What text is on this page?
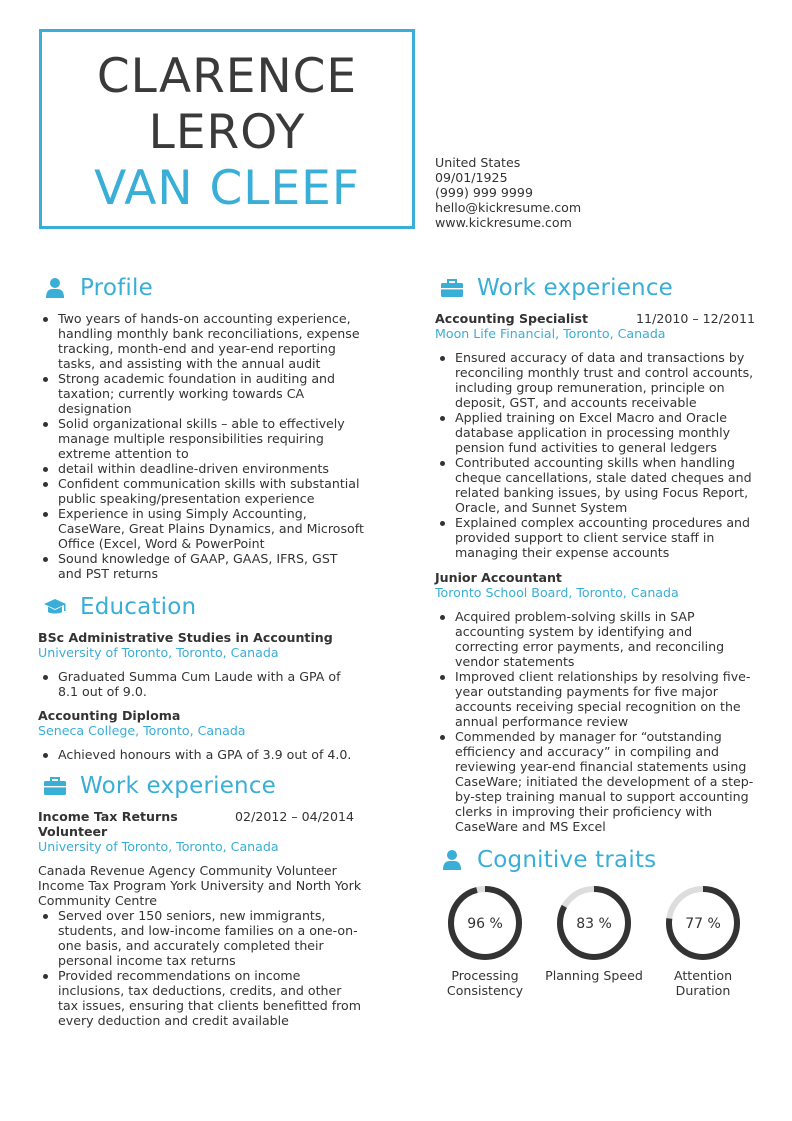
CLARENCE
LEROY
VAN CLEEF	United States
09/01/1925
(999) 999 9999
hello@kickresume.com
www.kickresume.com
Profile
Two years of hands-on accounting experience, handling monthly bank reconciliations, expense tracking, month-end and year-end reporting tasks, and assisting with the annual audit
Strong academic foundation in auditing and taxation; currently working towards CA designation
Solid organizational skills – able to effectively manage multiple responsibilities requiring extreme attention to
detail within deadline-driven environments
Confident communication skills with substantial public speaking/presentation experience
Experience in using Simply Accounting, CaseWare, Great Plains Dynamics, and Microsoft Office (Excel, Word & PowerPoint
Sound knowledge of GAAP, GAAS, IFRS, GST and PST returns
Education
BSc Administrative Studies in Accounting
University of Toronto, Toronto, Canada
Graduated Summa Cum Laude with a GPA of 8.1 out of 9.0.
Accounting Diploma
Seneca College, Toronto, Canada
Achieved honours with a GPA of 3.9 out of 4.0.
Work experience
Income Tax Returns
Volunteer
02/2012 – 04/2014
University of Toronto, Toronto, Canada
Canada Revenue Agency Community Volunteer Income Tax Program York University and North York Community Centre
Served over 150 seniors, new immigrants, students, and low-income families on a one-on-one basis, and accurately completed their personal income tax returns
Provided recommendations on income inclusions, tax deductions, credits, and other tax issues, ensuring that clients benefitted from every deduction and credit available
Work experience
Accounting Specialist	11/2010 – 12/2011
Moon Life Financial, Toronto, Canada
Ensured accuracy of data and transactions by reconciling monthly trust and control accounts, including group remuneration, principle on deposit, GST, and accounts receivable
Applied training on Excel Macro and Oracle database application in processing monthly pension fund activities to general ledgers
Contributed accounting skills when handling cheque cancellations, stale dated cheques and related banking issues, by using Focus Report, Oracle, and Sunnet System
Explained complex accounting procedures and provided support to client service staff in managing their expense accounts
Junior Accountant
Toronto School Board, Toronto, Canada
Acquired problem-solving skills in SAP accounting system by identifying and correcting error payments, and reconciling vendor statements
Improved client relationships by resolving five-year outstanding payments for five major accounts receiving special recognition on the annual performance review
Commended by manager for “outstanding efficiency and accuracy” in compiling and reviewing year-end financial statements using CaseWare; initiated the development of a step-by-step training manual to support accounting clerks in improving their proficiency with CaseWare and MS Excel
Cognitive traits
96 %
Processing
Consistency
83 %
Planning Speed
77 %
Attention
Duration
